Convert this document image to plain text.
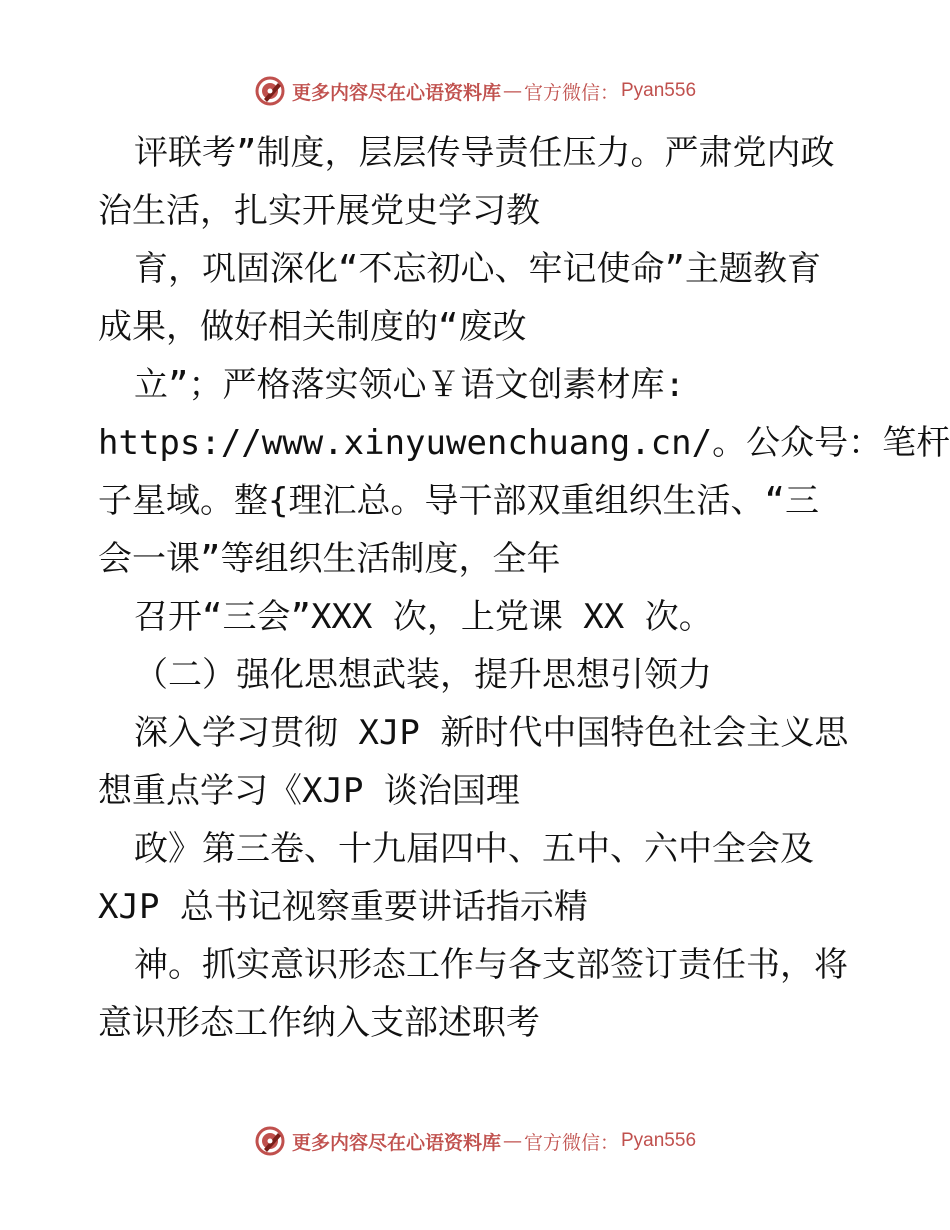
更多内容尽在心语资料库 — 官方微信： Pyan556
评联考”制度，层层传导责任压力。严肃党内政
治生活，扎实开展党史学习教
育，巩固深化“不忘初心、牢记使命”主题教育
成果，做好相关制度的“废改
立”；严格落实领心￥语文创素材库:
https://www.xinyuwenchuang.cn/。公众号：笔杆
子星域。整{理汇总。导干部双重组织生活、“三
会一课”等组织生活制度，全年
召开“三会”XXX 次，上党课 XX 次。
（二）强化思想武装，提升思想引领力
深入学习贯彻 XJP 新时代中国特色社会主义思
想重点学习《XJP 谈治国理
政》第三卷、十九届四中、五中、六中全会及
XJP 总书记视察重要讲话指示精
神。抓实意识形态工作与各支部签订责任书，将
意识形态工作纳入支部述职考
更多内容尽在心语资料库 — 官方微信： Pyan556
